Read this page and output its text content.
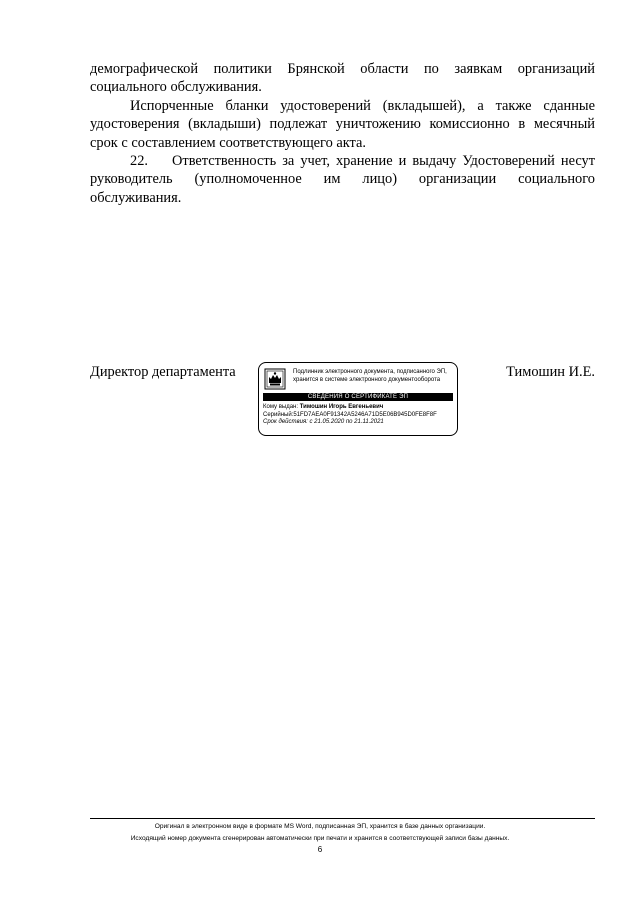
демографической политики Брянской области по заявкам организаций социального обслуживания.

Испорченные бланки удостоверений (вкладышей), а также сданные удостоверения (вкладыши) подлежат уничтожению комиссионно в месячный срок с составлением соответствующего акта.

22.    Ответственность за учет, хранение и выдачу Удостоверений несут руководитель (уполномоченное им лицо) организации социального обслуживания.

Директор департамента	Подлинник электронного документа, подписанного ЭП, хранится в системе электронного документооборота
СВЕДЕНИЯ О СЕРТИФИКАТЕ ЭП
Кому выдан: Тимошин Игорь Евгеньевич
Серийный:51FD7AEA0F91342A5246A71D5E06B945D0FE8F8F
Срок действия: с 21.05.2020 по 21.11.2021
Тимошин И.Е.
Оригинал в электронном виде в формате MS Word, подписанная ЭП, хранится в базе данных организации.
Исходящий номер документа сгенерирован автоматически при печати и хранится в соответствующей записи базы данных.
6
